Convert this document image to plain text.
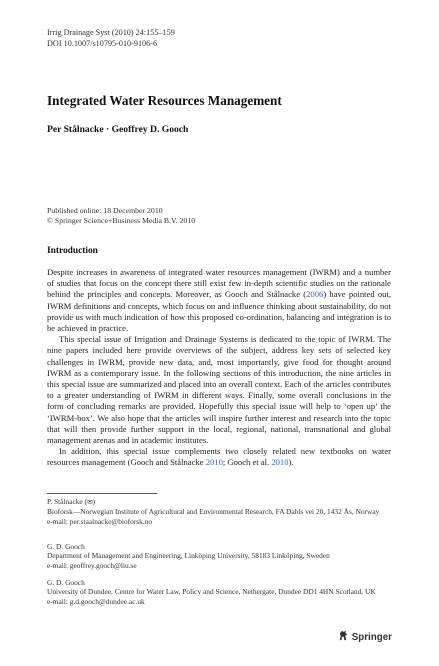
Irrig Drainage Syst (2010) 24:155–159
DOI 10.1007/s10795-010-9106-6
Integrated Water Resources Management
Per Stålnacke · Geoffrey D. Gooch
Published online: 18 December 2010
© Springer Science+Business Media B.V. 2010
Introduction

Despite increases in awareness of integrated water resources management (IWRM) and a number of studies that focus on the concept there still exist few in-depth scientific studies on the rationale behind the principles and concepts. Moreover, as Gooch and Stålnacke (2006) have pointed out, IWRM definitions and concepts, which focus on and influence thinking about sustainability, do not provide us with much indication of how this proposed co-ordination, balancing and integration is to be achieved in practice.

This special issue of Irrigation and Drainage Systems is dedicated to the topic of IWRM. The nine papers included here provide overviews of the subject, address key sets of selected key challenges in IWRM, provide new data, and, most importantly, give food for thought around IWRM as a contemporary issue. In the following sections of this introduction, the nine articles in this special issue are summarized and placed into an overall context. Each of the articles contributes to a greater understanding of IWRM in different ways. Finally, some overall conclusions in the form of concluding remarks are provided. Hopefully this special issue will help to ‘open up’ the ‘IWRM-box’. We also hope that the articles will inspire further interest and research into the topic that will then provide further support in the local, regional, national, transnational and global management arenas and in academic institutes.

In addition, this special issue complements two closely related new textbooks on water resources management (Gooch and Stålnacke 2010; Gooch et al. 2010).

P. Stålnacke (✉)

Bioforsk—Norwegian Institute of Agricultural and Environmental Research, FA Dahls vei 20, 1432 Ås, Norway

e-mail: per.staalnacke@bioforsk.no

G. D. Gooch

Department of Management and Engineering, Linköping University, 58183 Linköping, Sweden

e-mail: geoffrey.gooch@liu.se

G. D. Gooch

University of Dundee, Centre for Water Law, Policy and Science, Nethergate, Dundee DD1 4HN Scotland, UK

e-mail: g.d.gooch@dundee.ac.uk

Springer
